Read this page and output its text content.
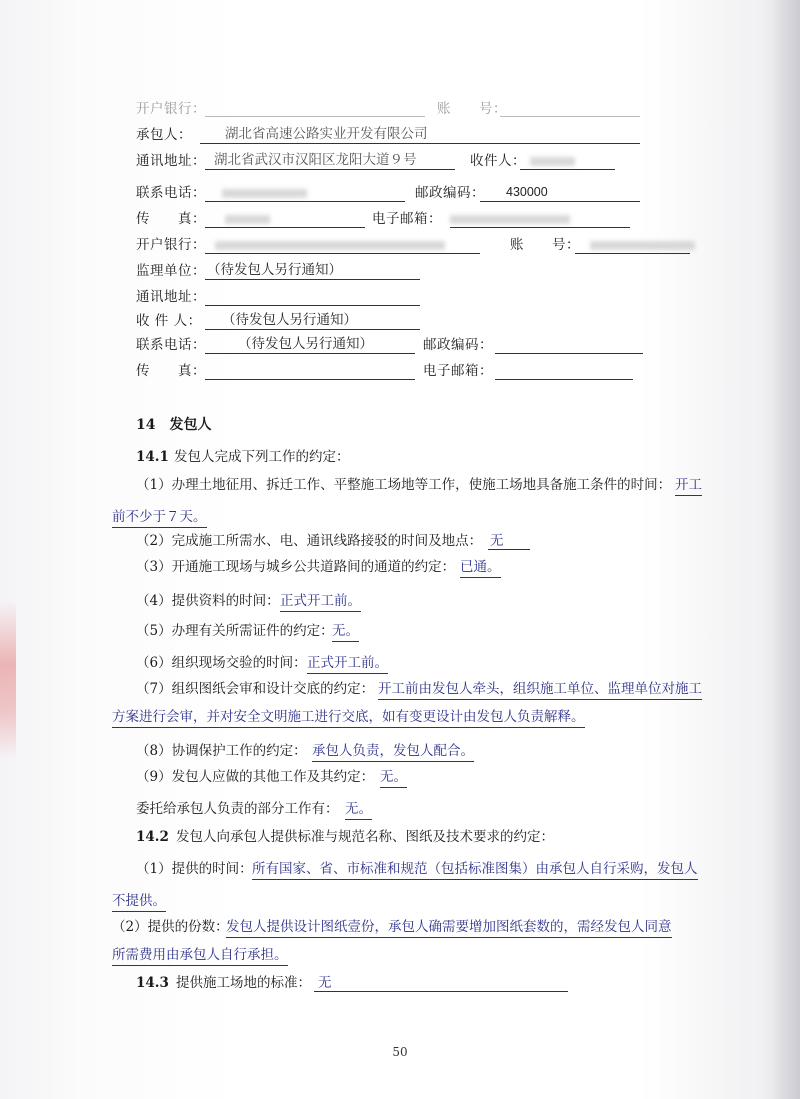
开户银行：	账　　号：
承包人： 湖北省高速公路实业开发有限公司
通讯地址： 湖北省武汉市汉阳区龙阳大道９号	收件人：
联系电话：	邮政编码： 430000
传　　真：	电子邮箱：
开户银行：	账　　号：
监理单位： （待发包人另行通知）
通讯地址：
收 件 人： （待发包人另行通知）
联系电话： （待发包人另行通知）	邮政编码：
传　　真：	电子邮箱：
14　发包人
14.1 发包人完成下列工作的约定：
（1）办理土地征用、拆迁工作、平整施工场地等工作，使施工场地具备施工条件的时间： 开工
前不少于７天。
（2）完成施工所需水、电、通讯线路接驳的时间及地点： 无
（3）开通施工现场与城乡公共道路间的通道的约定： 已通。
（4）提供资料的时间： 正式开工前。
（5）办理有关所需证件的约定：
无。
（6）组织现场交验的时间： 正式开工前。
（7）组织图纸会审和设计交底的约定： 开工前由发包人牵头，组织施工单位、监理单位对施工
方案进行会审，并对安全文明施工进行交底，如有变更设计由发包人负责解释。
（8）协调保护工作的约定： 承包人负责，发包人配合。
（9）发包人应做的其他工作及其约定： 无。
委托给承包人负责的部分工作有： 无。
14.2 发包人向承包人提供标准与规范名称、图纸及技术要求的约定：
（1）提供的时间： 所有国家、省、市标准和规范（包括标准图集）由承包人自行采购，发包人
不提供。
（2）提供的份数：
发包人提供设计图纸壹份，承包人确需要增加图纸套数的，需经发包人同意
所需费用由承包人自行承担。
14.3 提供施工场地的标准： 无
50
